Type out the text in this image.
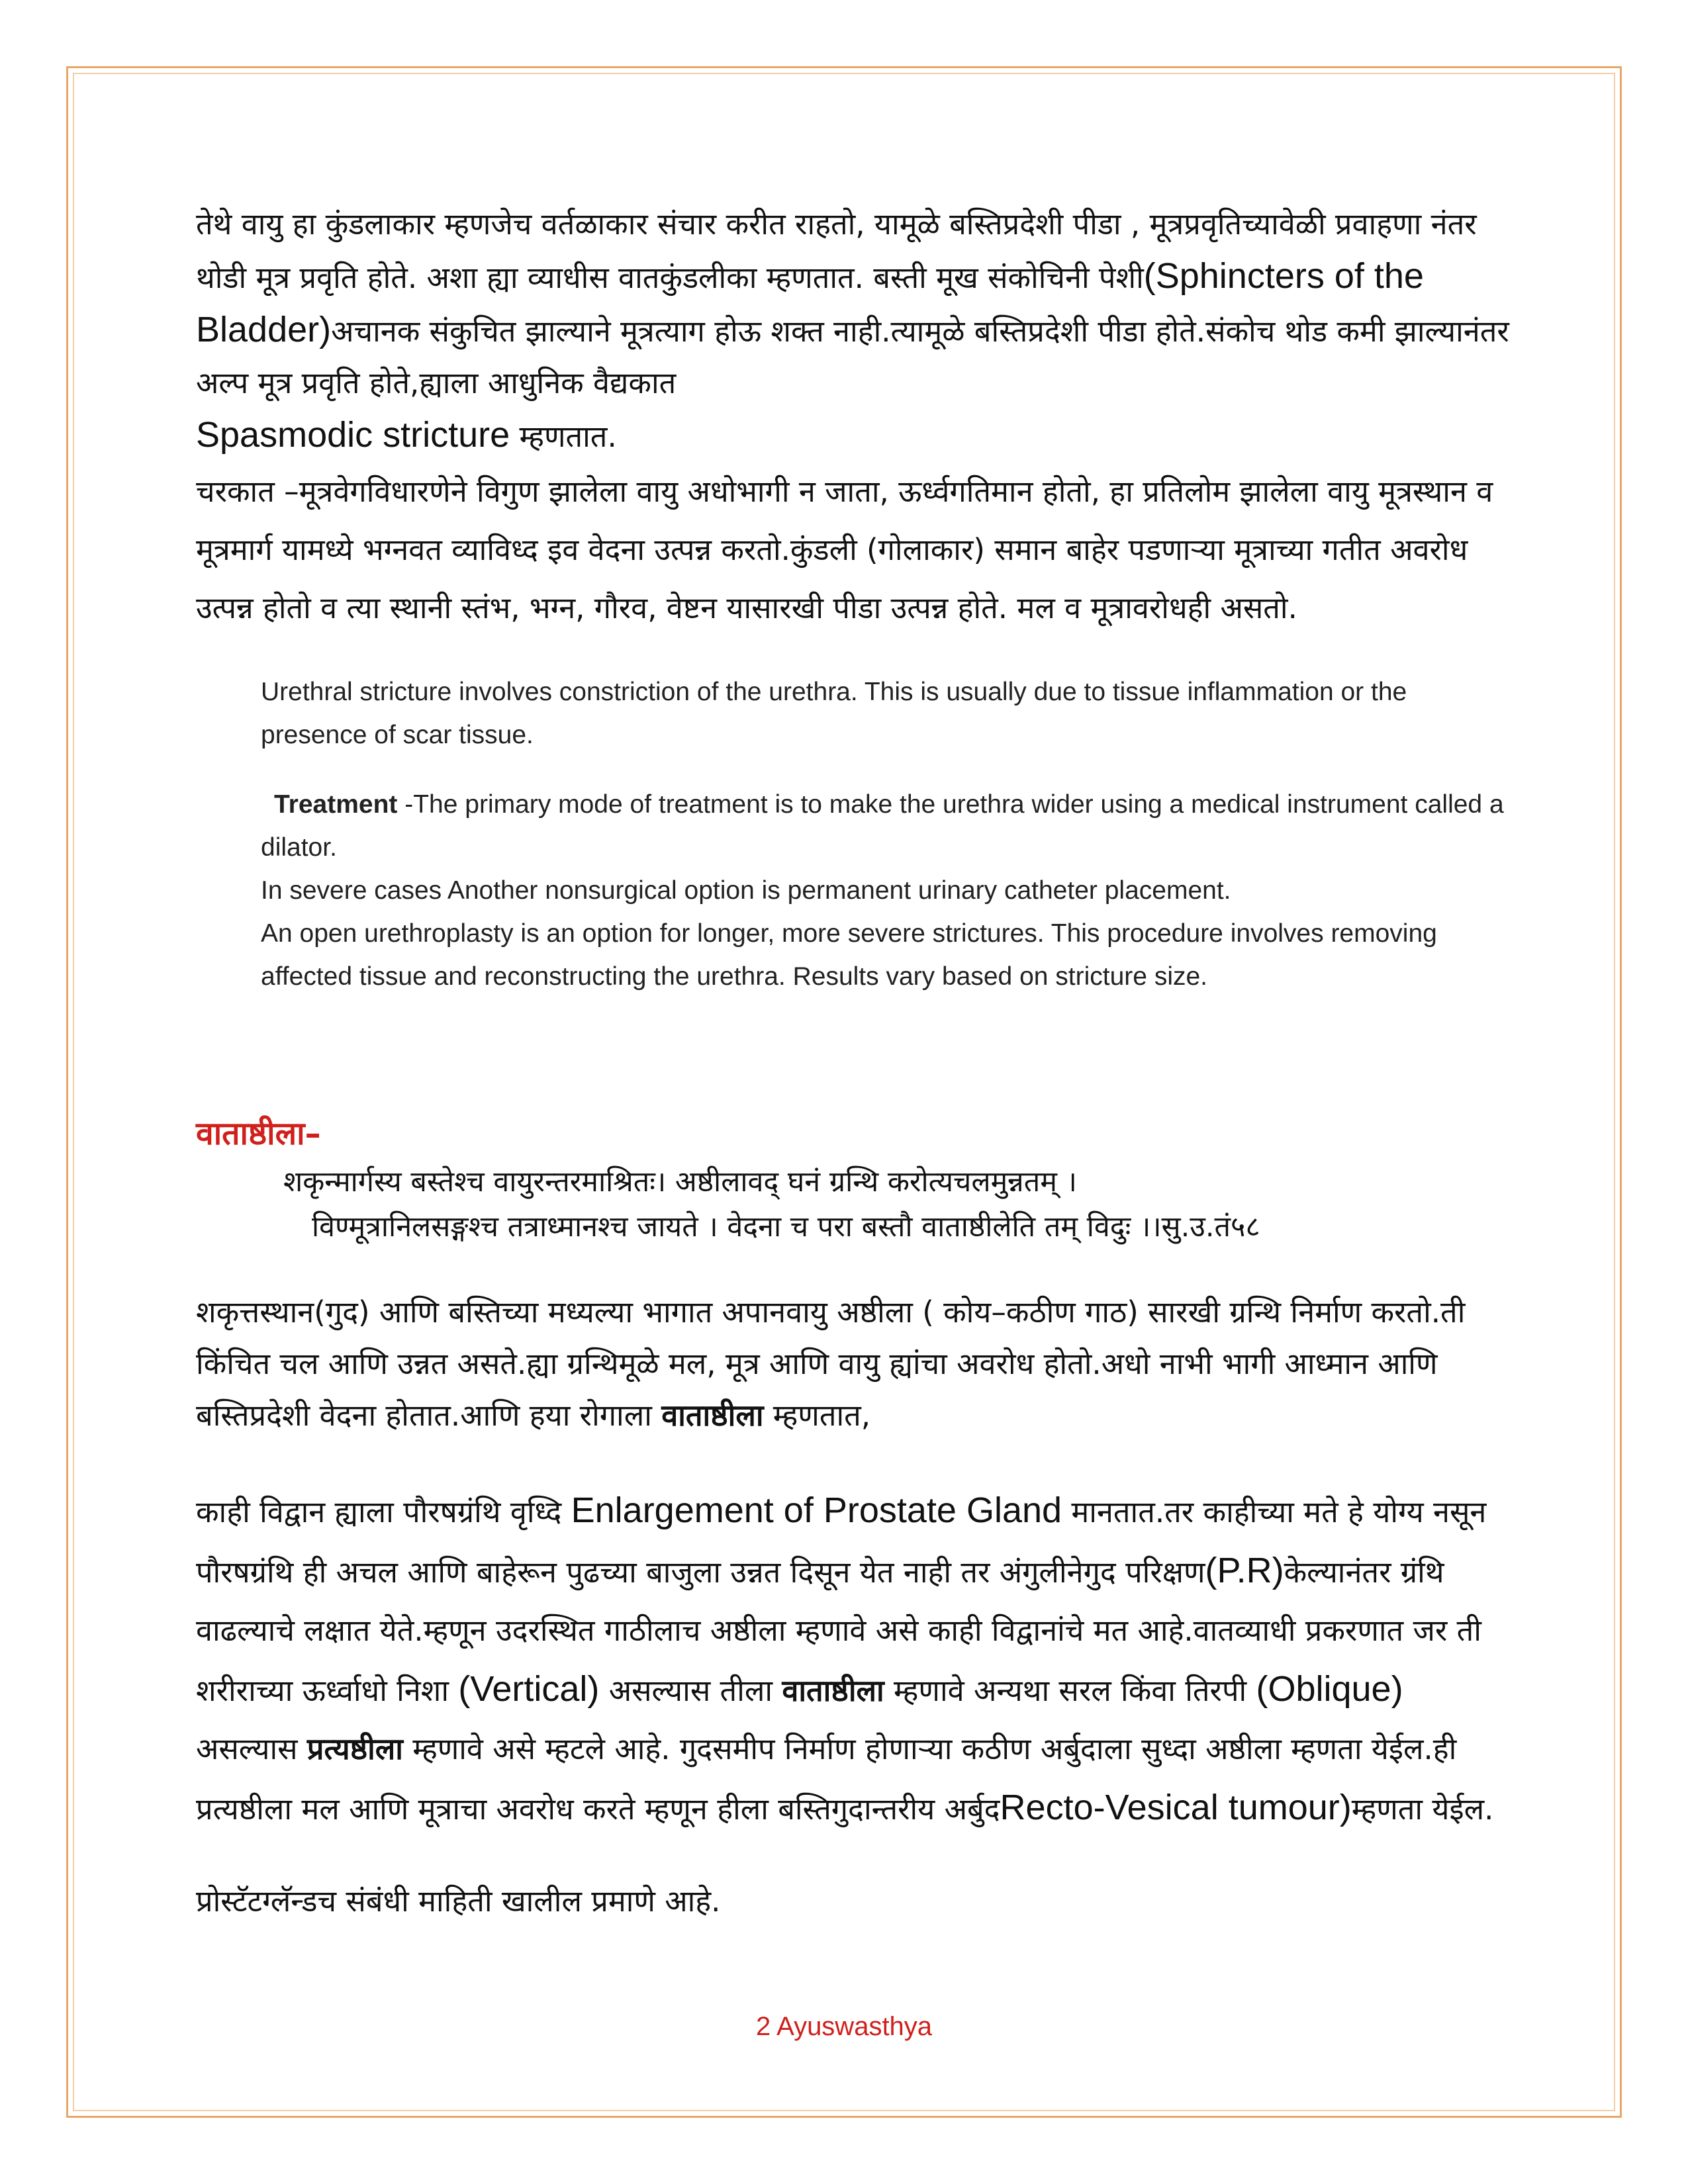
तेथे वायु हा कुंडलाकार म्हणजेच वर्तळाकार संचार करीत राहतो, यामूळे बस्तिप्रदेशी पीडा , मूत्रप्रवृतिच्यावेळी प्रवाहणा नंतर थोडी मूत्र प्रवृति होते. अशा ह्या व्याधीस वातकुंडलीका म्हणतात. बस्ती मूख संकोचिनी पेशी(Sphincters of the Bladder)अचानक संकुचित झाल्याने मूत्रत्याग होऊ शक्त नाही.त्यामूळे बस्तिप्रदेशी पीडा होते.संकोच थोड कमी झाल्यानंतर अल्प मूत्र प्रवृति होते,ह्याला आधुनिक वैद्यकात
Spasmodic stricture म्हणतात.

चरकात –मूत्रवेगविधारणेने विगुण झालेला वायु अधोभागी न जाता, ऊर्ध्वगतिमान होतो, हा प्रतिलोम झालेला वायु मूत्रस्थान व मूत्रमार्ग यामध्ये भग्नवत व्याविध्द इव वेदना उत्पन्न करतो.कुंडली (गोलाकार) समान बाहेर पडणाऱ्या मूत्राच्या गतीत अवरोध उत्पन्न होतो व त्या स्थानी स्तंभ, भग्न, गौरव, वेष्टन यासारखी पीडा उत्पन्न होते. मल व मूत्रावरोधही असतो.

Urethral stricture involves constriction of the urethra. This is usually due to tissue inflammation or the presence of scar tissue.

Treatment -The primary mode of treatment is to make the urethra wider using a medical instrument called a dilator.

In severe cases Another nonsurgical option is permanent urinary catheter placement.

An open urethroplasty is an option for longer, more severe strictures. This procedure involves removing affected tissue and reconstructing the urethra. Results vary based on stricture size.

वाताष्ठीला–
शकृन्मार्गस्य बस्तेश्च वायुरन्तरमाश्रितः। अष्ठीलावद् घनं ग्रन्थि करोत्यचलमुन्नतम् ।
विण्मूत्रानिलसङ्गश्च तत्राध्मानश्च जायते । वेदना च परा बस्तौ वाताष्ठीलेति तम् विदुः ।।सु.उ.तं५८

शकृत्तस्थान(गुद) आणि बस्तिच्या मध्यल्या भागात अपानवायु अष्ठीला ( कोय–कठीण गाठ) सारखी ग्रन्थि निर्माण करतो.ती किंचित चल आणि उन्नत असते.ह्या ग्रन्थिमूळे मल, मूत्र आणि वायु ह्यांचा अवरोध होतो.अधो नाभी भागी आध्मान आणि बस्तिप्रदेशी वेदना होतात.आणि हया रोगाला वाताष्ठीला म्हणतात,

काही विद्वान ह्याला पौरषग्रंथि वृध्दि Enlargement of Prostate Gland मानतात.तर काहीच्या मते हे योग्य नसून पौरषग्रंथि ही अचल आणि बाहेरून पुढच्या बाजुला उन्नत दिसून येत नाही तर अंगुलीनेगुद परिक्षण(P.R)केल्यानंतर ग्रंथि वाढल्याचे लक्षात येते.म्हणून उदरस्थित गाठीलाच अष्ठीला म्हणावे असे काही विद्वानांचे मत आहे.वातव्याधी प्रकरणात जर ती शरीराच्या ऊर्ध्वाधो निशा (Vertical) असल्यास तीला वाताष्ठीला म्हणावे अन्यथा सरल किंवा तिरपी (Oblique) असल्यास प्रत्यष्ठीला म्हणावे असे म्हटले आहे. गुदसमीप निर्माण होणाऱ्या कठीण अर्बुदाला सुध्दा अष्ठीला म्हणता येईल.ही प्रत्यष्ठीला मल आणि मूत्राचा अवरोध करते म्हणून हीला बस्तिगुदान्तरीय अर्बुदRecto-Vesical tumour)म्हणता येईल.

प्रोस्टॅटग्लॅन्डच संबंधी माहिती खालील प्रमाणे आहे.

2 Ayuswasthya
